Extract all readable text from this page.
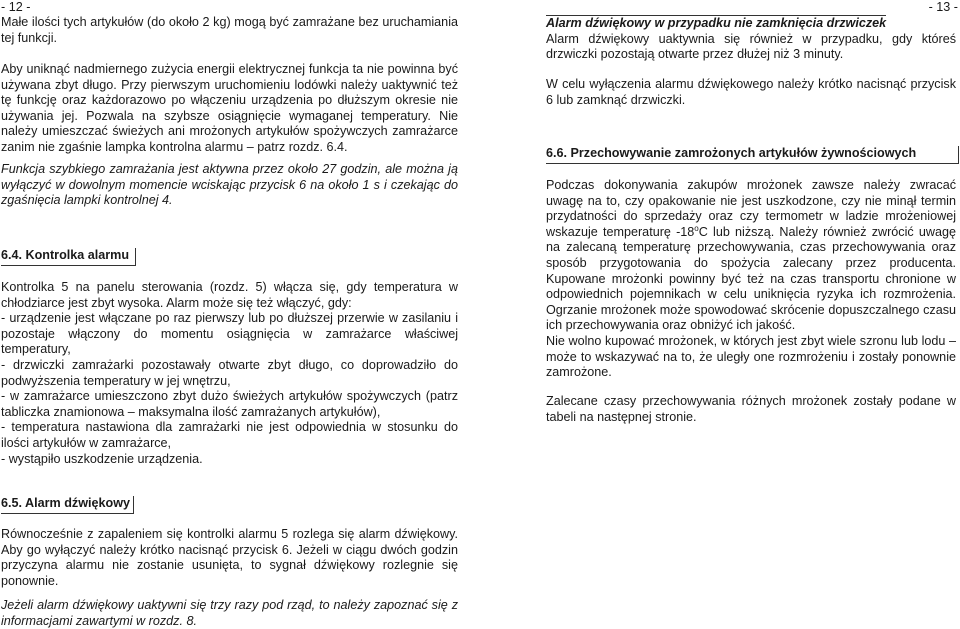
- 12 -	- 13 -

Małe ilości tych artykułów (do około 2 kg) mogą być zamrażane bez uruchamiania tej funkcji.

Aby uniknąć nadmiernego zużycia energii elektrycznej funkcja ta nie powinna być używana zbyt długo. Przy pierwszym uruchomieniu lodówki należy uaktywnić też tę funkcję oraz każdorazowo po włączeniu urządzenia po dłuższym okresie nie używania jej. Pozwala na szybsze osiągnięcie wymaganej temperatury. Nie należy umieszczać świeżych ani mrożonych artykułów spożywczych zamrażarce zanim nie zgaśnie lampka kontrolna alarmu – patrz rozdz. 6.4.

Funkcja szybkiego zamrażania jest aktywna przez około 27 godzin, ale można ją wyłączyć w dowolnym momencie wciskając przycisk 6 na około 1 s i czekając do zgaśnięcia lampki kontrolnej 4.

6.4. Kontrolka alarmu

Kontrolka 5 na panelu sterowania (rozdz. 5) włącza się, gdy temperatura w chłodziarce jest zbyt wysoka. Alarm może się też włączyć, gdy:

- urządzenie jest włączane po raz pierwszy lub po dłuższej przerwie w zasilaniu i pozostaje włączony do momentu osiągnięcia w zamrażarce właściwej temperatury,

- drzwiczki zamrażarki pozostawały otwarte zbyt długo, co doprowadziło do podwyższenia temperatury w jej wnętrzu,

- w zamrażarce umieszczono zbyt dużo świeżych artykułów spożywczych (patrz tabliczka znamionowa – maksymalna ilość zamrażanych artykułów),

- temperatura nastawiona dla zamrażarki nie jest odpowiednia w stosunku do ilości artykułów w zamrażarce,

- wystąpiło uszkodzenie urządzenia.

Alarm dźwiękowy w przypadku nie zamknięcia drzwiczek

Alarm dźwiękowy uaktywnia się również w przypadku, gdy któreś drzwiczki pozostają otwarte przez dłużej niż 3 minuty.

W celu wyłączenia alarmu dźwiękowego należy krótko nacisnąć przycisk 6 lub zamknąć drzwiczki.

6.6. Przechowywanie zamrożonych artykułów żywnościowych

Podczas dokonywania zakupów mrożonek zawsze należy zwracać uwagę na to, czy opakowanie nie jest uszkodzone, czy nie minął termin przydatności do sprzedaży oraz czy termometr w ladzie mrożeniowej wskazuje temperaturę -18$^o$C lub niższą. Należy również zwrócić uwagę na zalecaną temperaturę przechowywania, czas przechowywania oraz sposób przygotowania do spożycia zalecany przez producenta. Kupowane mrożonki powinny być też na czas transportu chronione w odpowiednich pojemnikach w celu uniknięcia ryzyka ich rozmrożenia. Ogrzanie mrożonek może spowodować skrócenie dopuszczalnego czasu ich przechowywania oraz obniżyć ich jakość.

Nie wolno kupować mrożonek, w których jest zbyt wiele szronu lub lodu – może to wskazywać na to, że uległy one rozmrożeniu i zostały ponownie zamrożone.

Zalecane czasy przechowywania różnych mrożonek zostały podane w tabeli na następnej stronie.

6.5. Alarm dźwiękowy

Równocześnie z zapaleniem się kontrolki alarmu 5 rozlega się alarm dźwiękowy. Aby go wyłączyć należy krótko nacisnąć przycisk 6. Jeżeli w ciągu dwóch godzin przyczyna alarmu nie zostanie usunięta, to sygnał dźwiękowy rozlegnie się ponownie.

Jeżeli alarm dźwiękowy uaktywni się trzy razy pod rząd, to należy zapoznać się z informacjami zawartymi w rozdz. 8.
